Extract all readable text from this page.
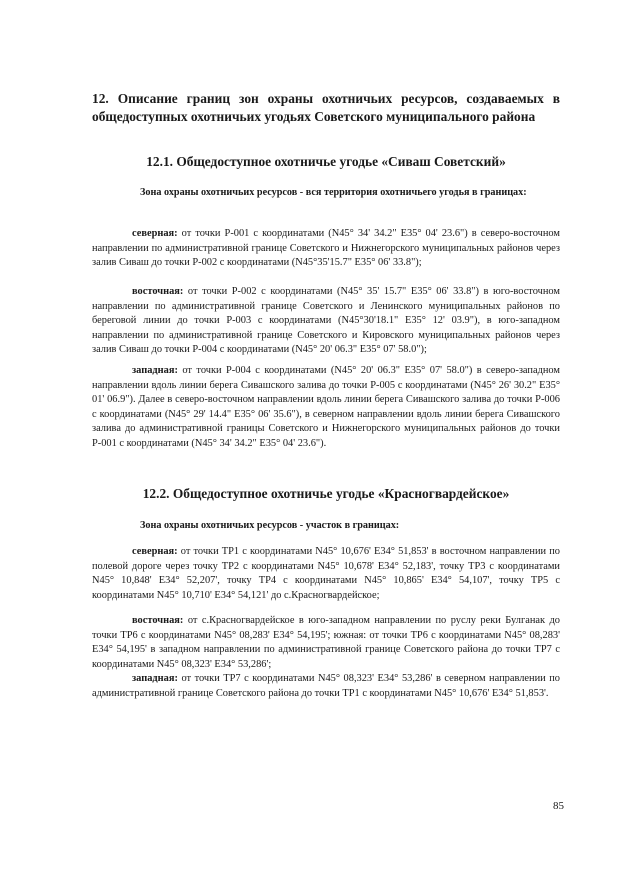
12. Описание границ зон охраны охотничьих ресурсов, создаваемых в общедоступных охотничьих угодьях Советского муниципального района
12.1. Общедоступное охотничье угодье «Сиваш Советский»
Зона охраны охотничьих ресурсов - вся территория охотничьего угодья в границах:
северная: от точки Р-001 с координатами (N45° 34' 34.2" E35° 04' 23.6") в северо-восточном направлении по административной границе Советского и Нижнегорского муниципальных районов через залив Сиваш до точки Р-002 с координатами (N45°35'15.7" E35° 06' 33.8");
восточная: от точки Р-002 с координатами (N45° 35' 15.7" E35° 06' 33.8") в юго-восточном направлении по административной границе Советского и Ленинского муниципальных районов по береговой линии до точки Р-003 с координатами (N45°30'18.1" E35° 12' 03.9"), в юго-западном направлении по административной границе Советского и Кировского муниципальных районов через залив Сиваш до точки Р-004 с координатами (N45° 20' 06.3" E35° 07' 58.0");
западная: от точки Р-004 с координатами (N45° 20' 06.3" E35° 07' 58.0") в северо-западном направлении вдоль линии берега Сивашского залива до точки Р-005 с координатами (N45° 26' 30.2" E35° 01' 06.9"). Далее в северо-восточном направлении вдоль линии берега Сивашского залива до точки Р-006 с координатами (N45° 29' 14.4" E35° 06' 35.6"), в северном направлении вдоль линии берега Сивашского залива до административной границы Советского и Нижнегорского муниципальных районов до точки Р-001 с координатами (N45° 34' 34.2" E35° 04' 23.6").
12.2. Общедоступное охотничье угодье «Красногвардейское»
Зона охраны охотничьих ресурсов - участок в границах:
северная: от точки ТР1 с координатами N45° 10,676' E34° 51,853' в восточном направлении по полевой дороге через точку ТР2 с координатами N45° 10,678' E34° 52,183', точку ТР3 с координатами N45° 10,848' E34° 52,207', точку ТР4 с координатами N45° 10,865' E34° 54,107', точку ТР5 с координатами N45° 10,710' E34° 54,121' до с.Красногвардейское;
восточная: от с.Красногвардейское в юго-западном направлении по руслу реки Булганак до точки ТР6 с координатами N45° 08,283' E34° 54,195'; южная: от точки ТР6 с координатами N45° 08,283' E34° 54,195' в западном направлении по административной границе Советского района до точки ТР7 с координатами N45° 08,323' E34° 53,286';
западная: от точки ТР7 с координатами N45° 08,323' E34° 53,286' в северном направлении по административной границе Советского района до точки ТР1 с координатами N45° 10,676' E34° 51,853'.
85
